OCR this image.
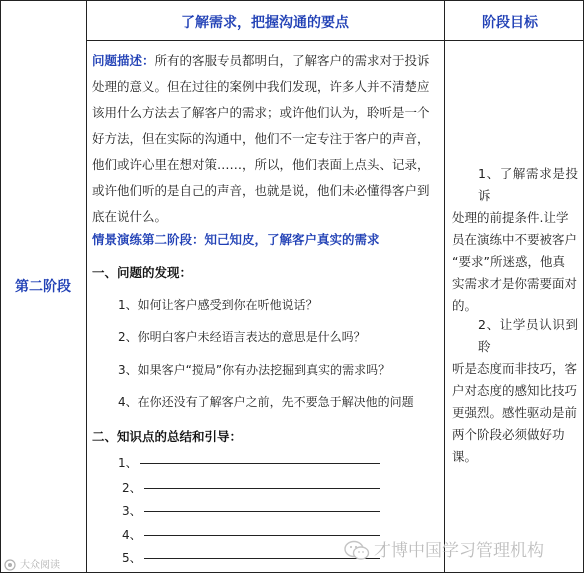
了解需求，把握沟通的要点	阶段目标
第二阶段
问题描述：所有的客服专员都明白，了解客户的需求对于投诉
处理的意义。但在过往的案例中我们发现，许多人并不清楚应
该用什么方法去了解客户的需求；或许他们认为，聆听是一个
好方法，但在实际的沟通中，他们不一定专注于客户的声音，
他们或许心里在想对策……，所以，他们表面上点头、记录，
或许他们听的是自己的声音，也就是说，他们未必懂得客户到
底在说什么。
情景演练第二阶段：知己知皮，了解客户真实的需求
一、问题的发现：
1、如何让客户感受到你在听他说话？
2、你明白客户未经语言表达的意思是什么吗？
3、如果客户“搅局”你有办法挖掘到真实的需求吗？
4、在你还没有了解客户之前，先不要急于解决他的问题
二、知识点的总结和引导：
1、
2、
3、
4、
5、
1、了解需求是投诉
处理的前提条件.让学
员在演练中不要被客户
“要求”所迷惑，他真
实需求才是你需要面对
的。
2、让学员认识到聆
听是态度而非技巧，客
户对态度的感知比技巧
更强烈。感性驱动是前
两个阶段必须做好功
课。
大众阅读
才博中国学习管理机构
